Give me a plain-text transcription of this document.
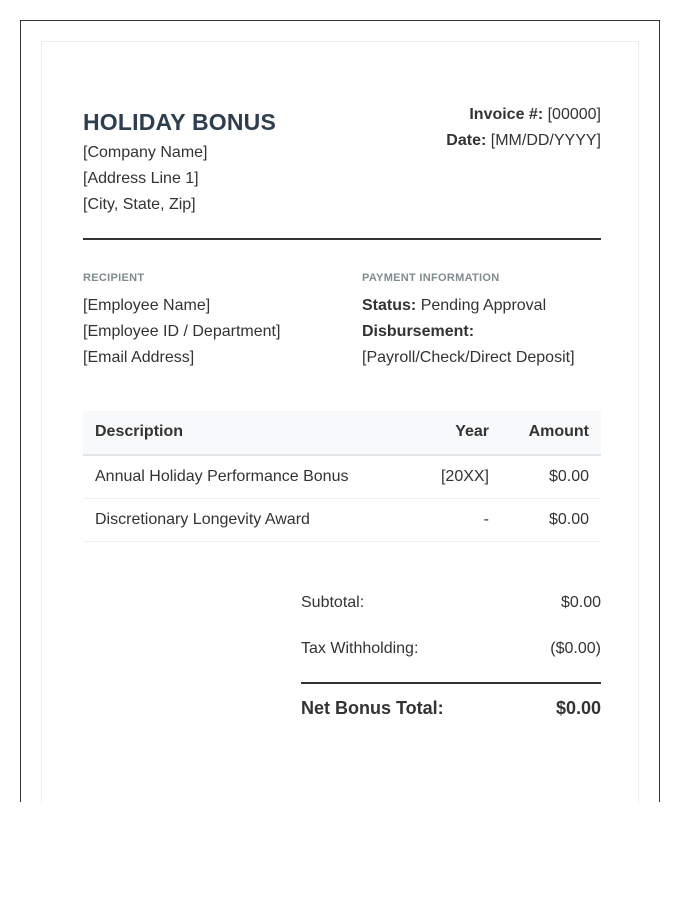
HOLIDAY BONUS
[Company Name]
[Address Line 1]
[City, State, Zip]
Invoice #: [00000]
Date: [MM/DD/YYYY]
RECIPIENT
[Employee Name]
[Employee ID / Department]
[Email Address]
PAYMENT INFORMATION
Status: Pending Approval
Disbursement:
[Payroll/Check/Direct Deposit]
Description	Year Amount
Annual Holiday Performance Bonus	[20XX]	$0.00
Discretionary Longevity Award	-	$0.00
Subtotal:	$0.00
Tax Withholding:	($0.00)
Net Bonus Total:	$0.00
